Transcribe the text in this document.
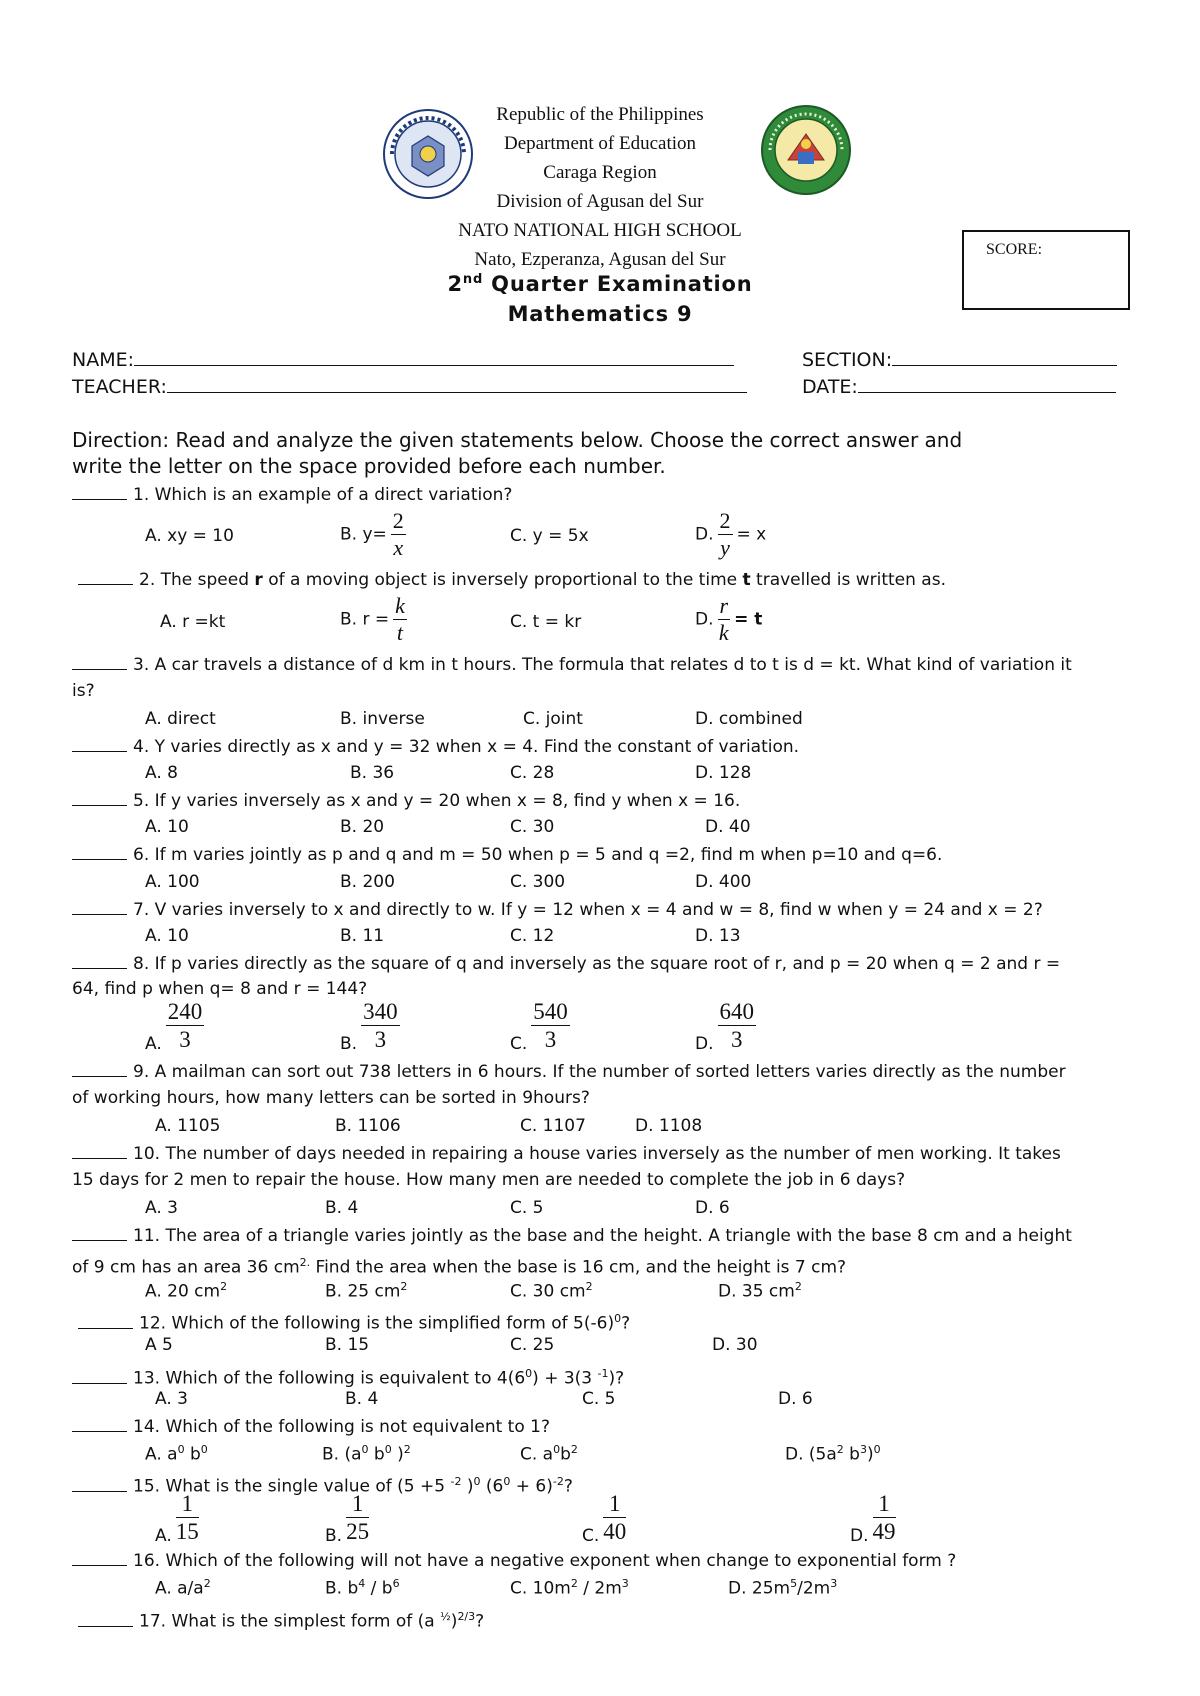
Republic of the Philippines
Department of Education
Caraga Region
Division of Agusan del Sur
NATO NATIONAL HIGH SCHOOL
Nato, Ezperanza, Agusan del Sur
2nd Quarter Examination
Mathematics 9
SCORE:
NAME:
TEACHER:
SECTION:
DATE:
Direction: Read and analyze the given statements below. Choose the correct answer and
write the letter on the space provided before each number.
1. Which is an example of a direct variation?
A. xy = 10	B. $y= \frac{2}{x}$	C. y = 5x	D. $\frac{2}{y} = x$
2. The speed r of a moving object is inversely proportional to the time t travelled is written as.
A. r =kt	B. $r = \frac{k}{t}$	C. t = kr	D. $\frac{r}{k} = t$
3. A car travels a distance of d km in t hours. The formula that relates d to t is d = kt. What kind of variation it
is?
A. direct	B. inverse	C. joint	D. combined
4. Y varies directly as x and y = 32 when x = 4. Find the constant of variation.
A. 8	B. 36	C. 28	D. 128
5. If y varies inversely as x and y = 20 when x = 8, find y when x = 16.
A. 10	B. 20	C. 30	D. 40
6. If m varies jointly as p and q and m = 50 when p = 5 and q =2, find m when p=10 and q=6.
A. 100	B. 200	C. 300	D. 400
7. V varies inversely to x and directly to w. If y = 12 when x = 4 and w = 8, find w when y = 24 and x = 2?
A. 10	B. 11	C. 12	D. 13
8. If p varies directly as the square of q and inversely as the square root of r, and p = 20 when q = 2 and r =
64, find p when q= 8 and r = 144?
A. $\frac{240}{3}$	B. $\frac{340}{3}$	C. $\frac{540}{3}$	D. $\frac{640}{3}$
9. A mailman can sort out 738 letters in 6 hours. If the number of sorted letters varies directly as the number
of working hours, how many letters can be sorted in 9hours?
A. 1105	B. 1106	C. 1107	D. 1108
10. The number of days needed in repairing a house varies inversely as the number of men working. It takes
15 days for 2 men to repair the house. How many men are needed to complete the job in 6 days?
A. 3	B. 4	C. 5	D. 6
11. The area of a triangle varies jointly as the base and the height. A triangle with the base 8 cm and a height
of 9 cm has an area 36 $cm^{2.}$ Find the area when the base is 16 cm, and the height is 7 cm?
A. 20 $cm^2$	B. 25 $cm^2$	C. 30 $cm^2$	D. 35 $cm^2$
12. Which of the following is the simplified form of $5(-6)^0$?
A 5	B. 15	C. 25	D. 30
13. Which of the following is equivalent to $4(6^0) + 3(3$ $^{-1}$)?
A. 3	B. 4	C. 5	D. 6
14. Which of the following is not equivalent to 1?
A. $a^0$ $b^0$	B. ($a^0$ $b^0$ )$^2$	C. $a^0b^2$	D. ($5a^2$ $b^3)^0$
15. What is the single value of (5 +5 $^{-2}$ )$^0$ $(6^0 + 6)^{-2}$?
A. $\frac{1}{15}$	B. $\frac{1}{25}$	C. $\frac{1}{40}$	D. $\frac{1}{49}$
16. Which of the following will not have a negative exponent when change to exponential form ?
A. $a/a^2$	B. $b^4 / b^6$	C. $10m^2 / 2m^3$	D. $25m^5/2m^3$
17. What is the simplest form of (a $^{\frac{1}{2}}$)$^{2/3}$?
